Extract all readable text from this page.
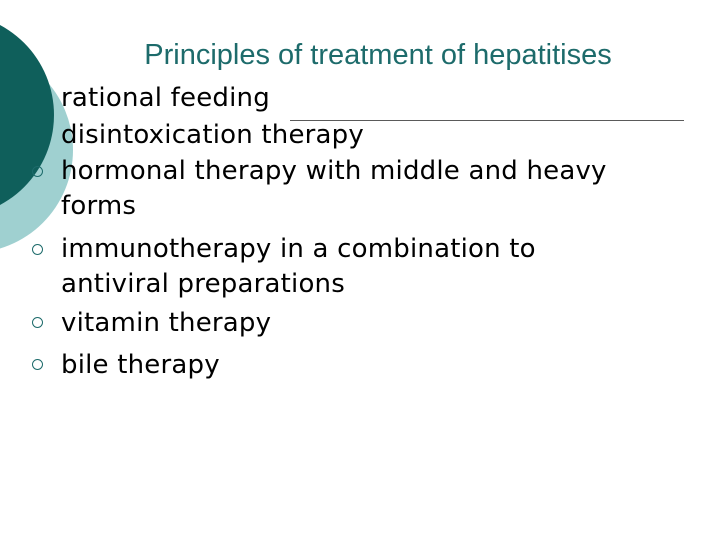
Principles of treatment of hepatitises
rational feeding
disintoxication therapy
hormonal therapy with middle and heavy forms
immunotherapy in a combination to antiviral preparations
vitamin therapy
bile therapy
